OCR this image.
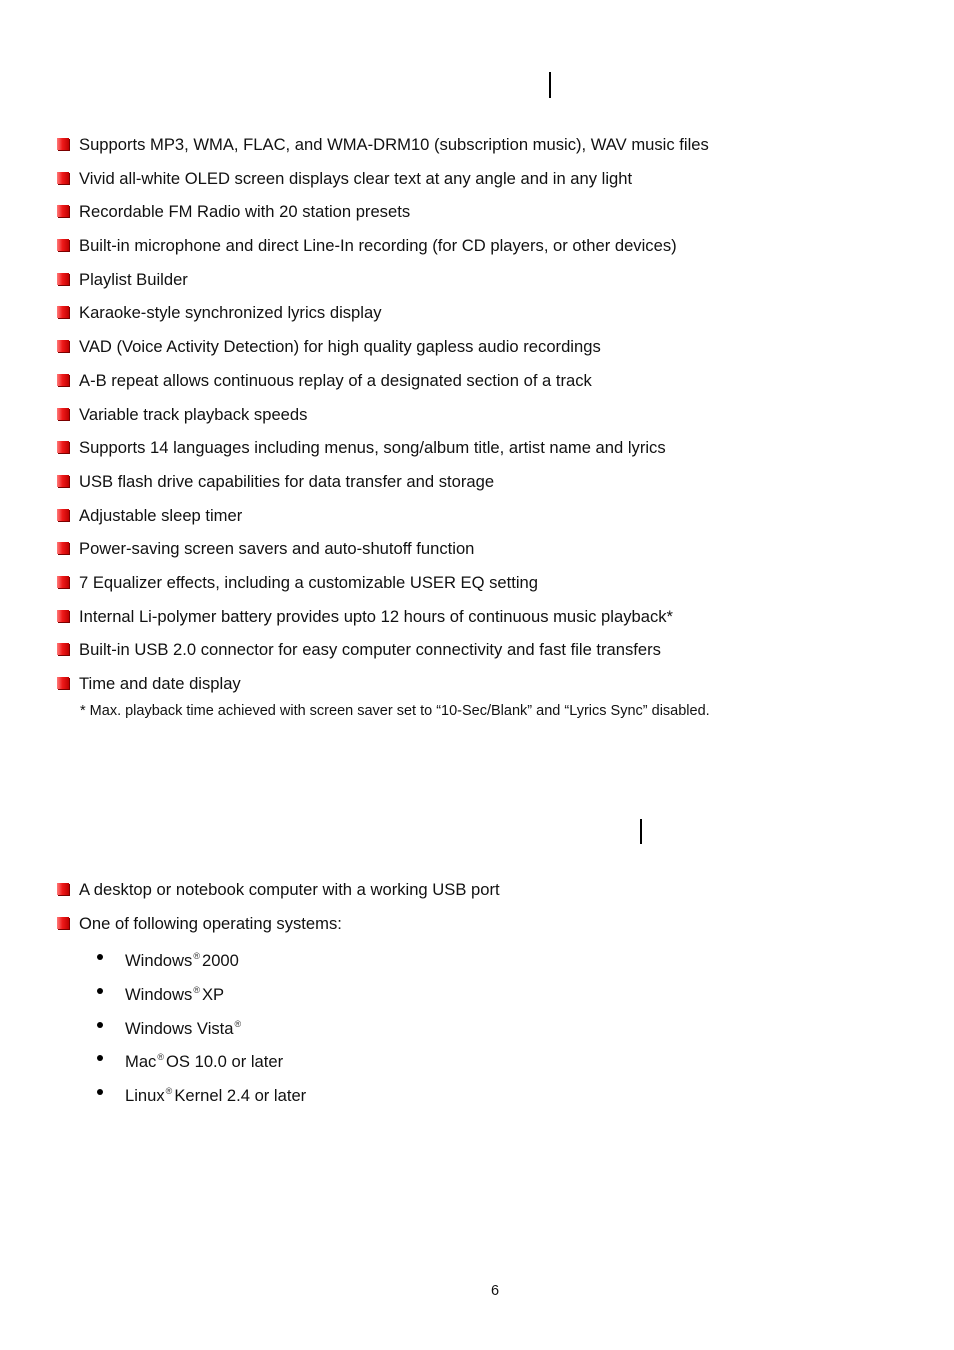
Supports MP3, WMA, FLAC, and WMA-DRM10 (subscription music), WAV music files
Vivid all-white OLED screen displays clear text at any angle and in any light
Recordable FM Radio with 20 station presets
Built-in microphone and direct Line-In recording (for CD players, or other devices)
Playlist Builder
Karaoke-style synchronized lyrics display
VAD (Voice Activity Detection) for high quality gapless audio recordings
A-B repeat allows continuous replay of a designated section of a track
Variable track playback speeds
Supports 14 languages including menus, song/album title, artist name and lyrics
USB flash drive capabilities for data transfer and storage
Adjustable sleep timer
Power-saving screen savers and auto-shutoff function
7 Equalizer effects, including a customizable USER EQ setting
Internal Li-polymer battery provides upto 12 hours of continuous music playback*
Built-in USB 2.0 connector for easy computer connectivity and fast file transfers
Time and date display
* Max. playback time achieved with screen saver set to “10-Sec/Blank” and “Lyrics Sync” disabled.
A desktop or notebook computer with a working USB port
One of following operating systems:
Windows® 2000
Windows® XP
Windows Vista®
Mac® OS 10.0 or later
Linux® Kernel 2.4 or later
6
